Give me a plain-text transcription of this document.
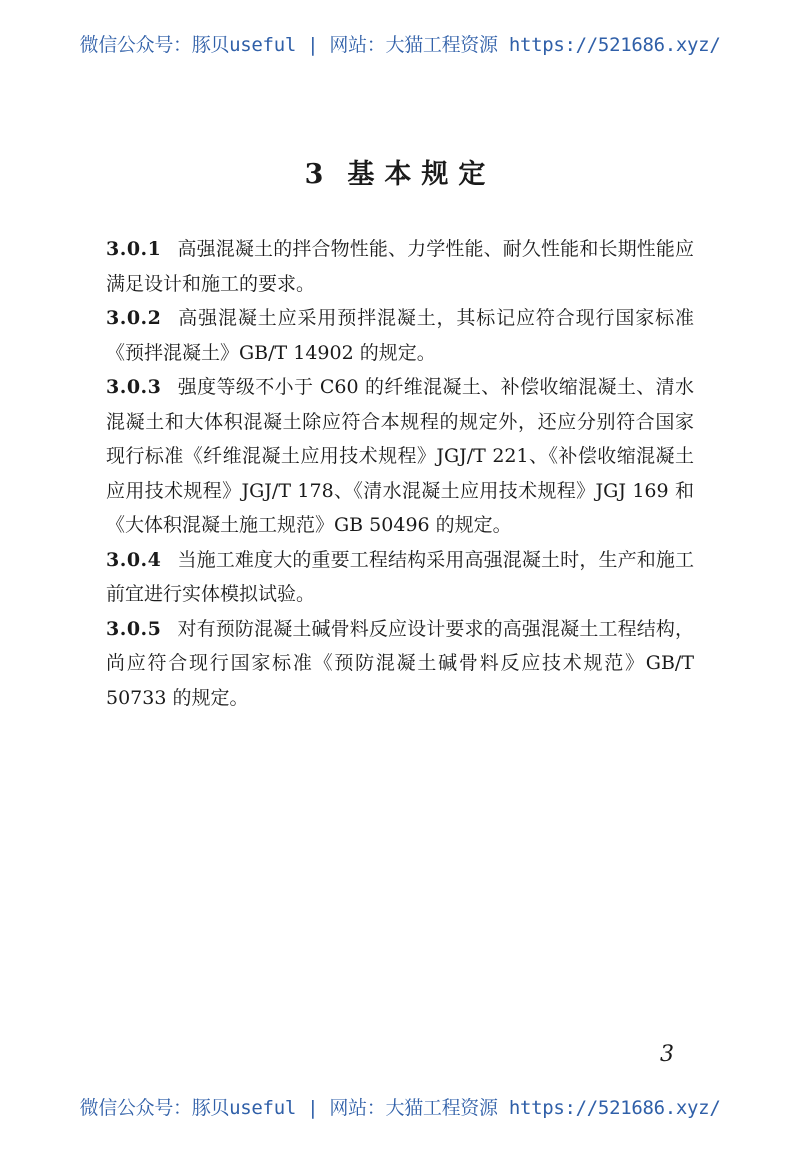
微信公众号：豚贝useful | 网站：大猫工程资源 https://521686.xyz/
3 基本规定

3.0.1 高强混凝土的拌合物性能、力学性能、耐久性能和长期性能应满足设计和施工的要求。

3.0.2 高强混凝土应采用预拌混凝土，其标记应符合现行国家标准《预拌混凝土》GB/T 14902 的规定。

3.0.3 强度等级不小于 C60 的纤维混凝土、补偿收缩混凝土、清水混凝土和大体积混凝土除应符合本规程的规定外，还应分别符合国家现行标准《纤维混凝土应用技术规程》JGJ/T 221、《补偿收缩混凝土应用技术规程》JGJ/T 178、《清水混凝土应用技术规程》JGJ 169 和《大体积混凝土施工规范》GB 50496 的规定。

3.0.4 当施工难度大的重要工程结构采用高强混凝土时，生产和施工前宜进行实体模拟试验。

3.0.5 对有预防混凝土碱骨料反应设计要求的高强混凝土工程结构，尚应符合现行国家标准《预防混凝土碱骨料反应技术规范》GB/T 50733 的规定。

3
微信公众号：豚贝useful | 网站：大猫工程资源 https://521686.xyz/
